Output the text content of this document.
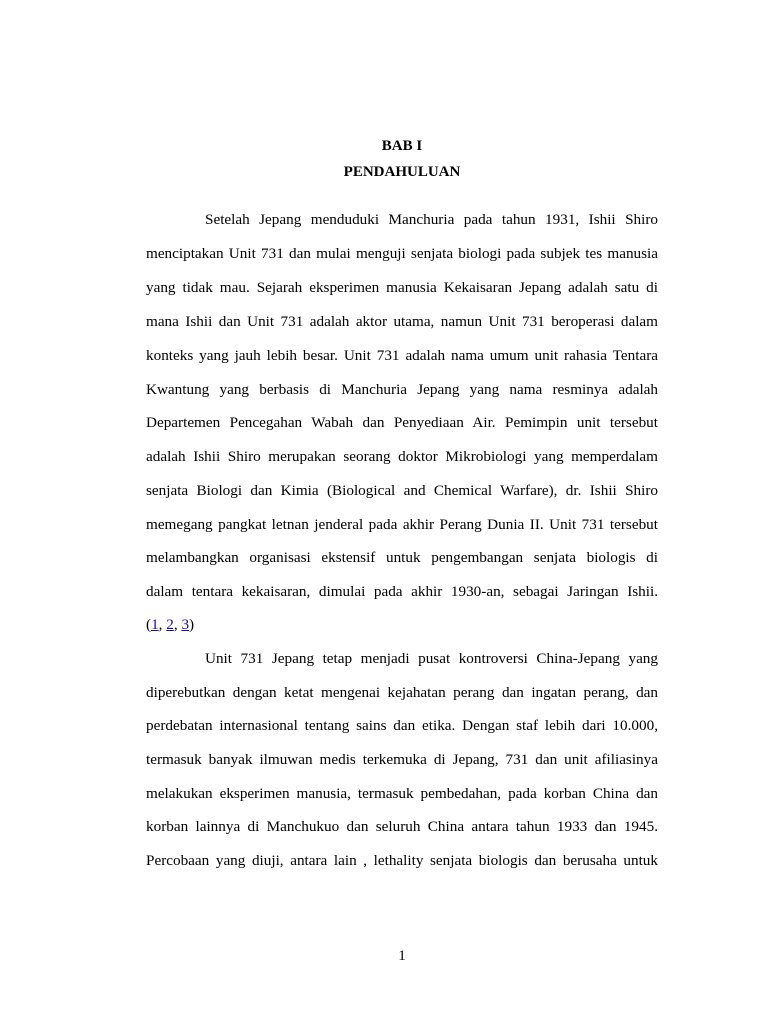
BAB I
PENDAHULUAN
Setelah Jepang menduduki Manchuria pada tahun 1931, Ishii Shiro
menciptakan Unit 731 dan mulai menguji senjata biologi pada subjek tes manusia
yang tidak mau. Sejarah eksperimen manusia Kekaisaran Jepang adalah satu di
mana Ishii dan Unit 731 adalah aktor utama, namun Unit 731 beroperasi dalam
konteks yang jauh lebih besar. Unit 731 adalah nama umum unit rahasia Tentara
Kwantung yang berbasis di Manchuria Jepang yang nama resminya adalah
Departemen Pencegahan Wabah dan Penyediaan Air. Pemimpin unit tersebut
adalah Ishii Shiro merupakan seorang doktor Mikrobiologi yang memperdalam
senjata Biologi dan Kimia (Biological and Chemical Warfare), dr. Ishii Shiro
memegang pangkat letnan jenderal pada akhir Perang Dunia II. Unit 731 tersebut
melambangkan organisasi ekstensif untuk pengembangan senjata biologis di
dalam tentara kekaisaran, dimulai pada akhir 1930-an, sebagai Jaringan Ishii.
(1, 2, 3)
Unit 731 Jepang tetap menjadi pusat kontroversi China-Jepang yang
diperebutkan dengan ketat mengenai kejahatan perang dan ingatan perang, dan
perdebatan internasional tentang sains dan etika. Dengan staf lebih dari 10.000,
termasuk banyak ilmuwan medis terkemuka di Jepang, 731 dan unit afiliasinya
melakukan eksperimen manusia, termasuk pembedahan, pada korban China dan
korban lainnya di Manchukuo dan seluruh China antara tahun 1933 dan 1945.
Percobaan yang diuji, antara lain , lethality senjata biologis dan berusaha untuk
1
